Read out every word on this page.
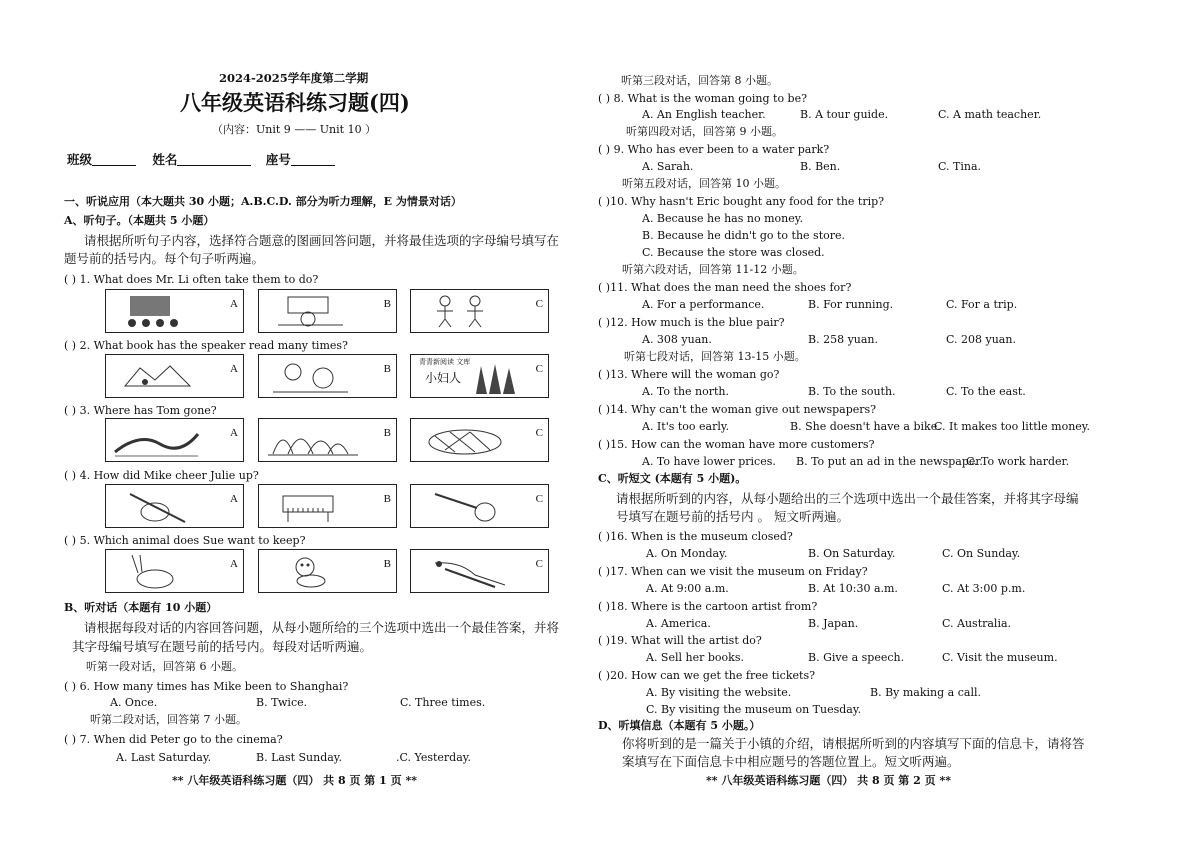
2024-2025学年度第二学期
八年级英语科练习题(四)
（内容：Unit 9 —— Unit 10 ）
班级	姓名	座号
一、听说应用（本大题共 30 小题；A.B.C.D. 部分为听力理解，E 为情景对话）
A、听句子。（本题共 5 小题）
请根据所听句子内容，选择符合题意的图画回答问题，并将最佳选项的字母编号填写在
题号前的括号内。每个句子听两遍。
( ) 1. What does Mr. Li often take them to do?
A	B	C
( ) 2. What book has the speaker read many times?
A	B
青青新阅读 文库
小妇人
C
( ) 3. Where has Tom gone?
A	B	C
( ) 4. How did Mike cheer Julie up?
A	B	C
( ) 5. Which animal does Sue want to keep?
A	B	C
B、听对话（本题有 10 小题）
请根据每段对话的内容回答问题，从每小题所给的三个选项中选出一个最佳答案，并将
其字母编号填写在题号前的括号内。每段对话听两遍。
听第一段对话，回答第 6 小题。
( ) 6. How many times has Mike been to Shanghai?
A. Once.	B. Twice.	C. Three times.
听第二段对话，回答第 7 小题。
( ) 7. When did Peter go to the cinema?
A. Last Saturday.	B. Last Sunday.	.C. Yesterday.
** 八年级英语科练习题（四） 共 8 页 第 1 页 **
听第三段对话，回答第 8 小题。
( ) 8. What is the woman going to be?
A. An English teacher.	B. A tour guide.	C. A math teacher.
听第四段对话，回答第 9 小题。
( ) 9. Who has ever been to a water park?
A. Sarah.	B. Ben.	C. Tina.
听第五段对话，回答第 10 小题。
( )10. Why hasn't Eric bought any food for the trip?
A. Because he has no money.
B. Because he didn't go to the store.
C. Because the store was closed.
听第六段对话，回答第 11-12 小题。
( )11. What does the man need the shoes for?
A. For a performance.	B. For running.	C. For a trip.
( )12. How much is the blue pair?
A. 308 yuan.	B. 258 yuan.	C. 208 yuan.
听第七段对话，回答第 13-15 小题。
( )13. Where will the woman go?
A. To the north.	B. To the south.	C. To the east.
( )14. Why can't the woman give out newspapers?
A. It's too early.	B. She doesn't have a bike.
C. It makes too little money.
( )15. How can the woman have more customers?
A. To have lower prices. B. To put an ad in the newspaper.
C. To work harder.
C、听短文 (本题有 5 小题)。
请根据所听到的内容，从每小题给出的三个选项中选出一个最佳答案，并将其字母编
号填写在题号前的括号内 。 短文听两遍。
( )16. When is the museum closed?
A. On Monday.	B. On Saturday.	C. On Sunday.
( )17. When can we visit the museum on Friday?
A. At 9:00 a.m.	B. At 10:30 a.m.	C. At 3:00 p.m.
( )18. Where is the cartoon artist from?
A. America.	B. Japan.	C. Australia.
( )19. What will the artist do?
A. Sell her books.	B. Give a speech.	C. Visit the museum.
( )20. How can we get the free tickets?
A. By visiting the website.	B. By making a call.
C. By visiting the museum on Tuesday.
D、听填信息（本题有 5 小题。）
你将听到的是一篇关于小镇的介绍，请根据所听到的内容填写下面的信息卡，请将答
案填写在下面信息卡中相应题号的答题位置上。短文听两遍。
** 八年级英语科练习题（四） 共 8 页 第 2 页 **
